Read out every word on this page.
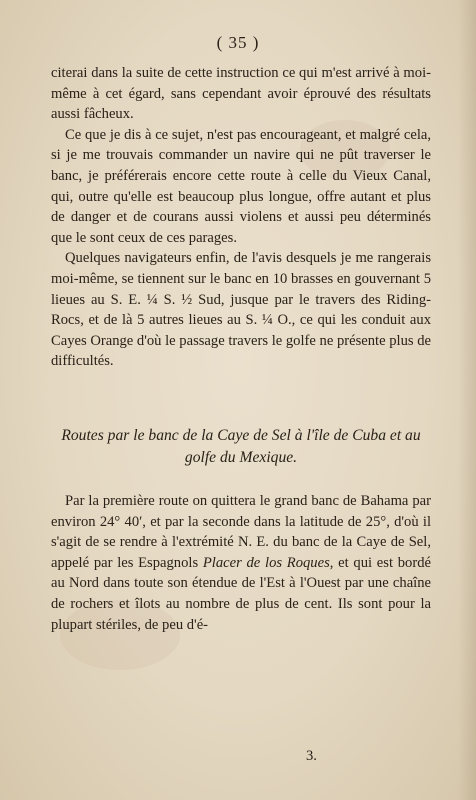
( 35 )

citerai dans la suite de cette instruction ce qui m'est arrivé à moi-même à cet égard, sans cependant avoir éprouvé des résultats aussi fâcheux.

Ce que je dis à ce sujet, n'est pas encourageant, et malgré cela, si je me trouvais commander un navire qui ne pût traverser le banc, je préférerais encore cette route à celle du Vieux Canal, qui, outre qu'elle est beaucoup plus longue, offre autant et plus de danger et de courans aussi violens et aussi peu déterminés que le sont ceux de ces parages.

Quelques navigateurs enfin, de l'avis desquels je me rangerais moi-même, se tiennent sur le banc en 10 brasses en gouvernant 5 lieues au S. E. ¼ S. ½ Sud, jusque par le travers des Riding-Rocs, et de là 5 autres lieues au S. ¼ O., ce qui les conduit aux Cayes Orange d'où le passage travers le golfe ne présente plus de difficultés.

Routes par le banc de la Caye de Sel à l'île de Cuba et au golfe du Mexique.

Par la première route on quittera le grand banc de Bahama par environ 24° 40′, et par la seconde dans la latitude de 25°, d'où il s'agit de se rendre à l'extrémité N. E. du banc de la Caye de Sel, appelé par les Espagnols Placer de los Roques, et qui est bordé au Nord dans toute son étendue de l'Est à l'Ouest par une chaîne de rochers et îlots au nombre de plus de cent. Ils sont pour la plupart stériles, de peu d'é-

3.
